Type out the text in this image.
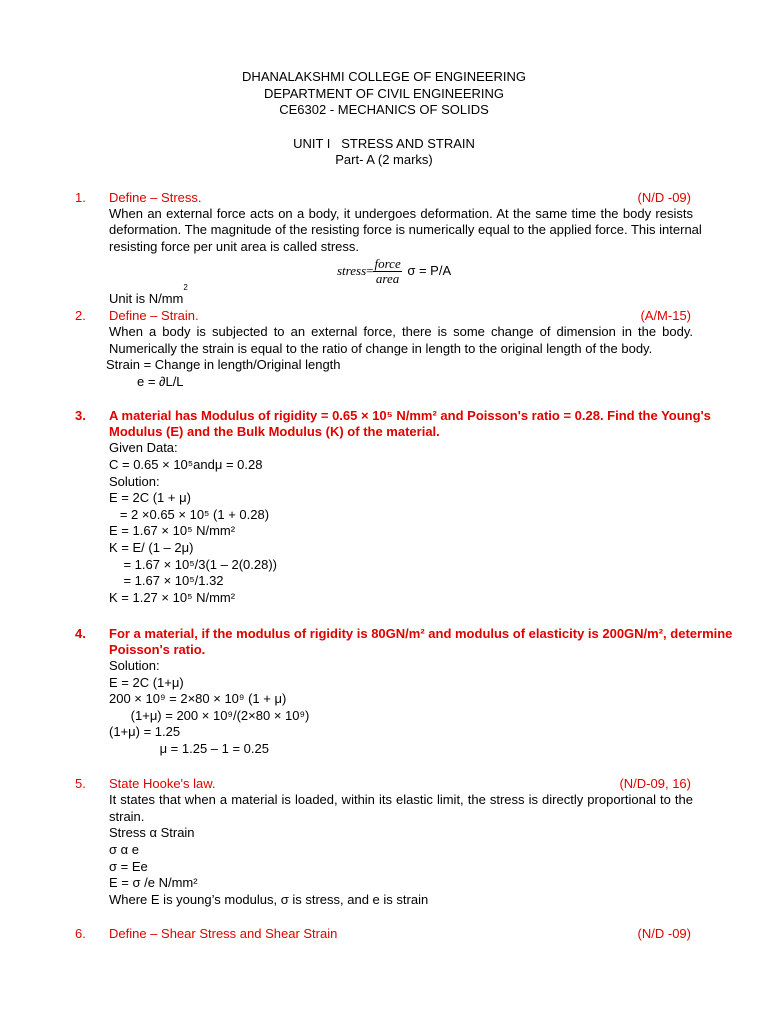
DHANALAKSHMI COLLEGE OF ENGINEERING
DEPARTMENT OF CIVIL ENGINEERING
CE6302 - MECHANICS OF SOLIDS
UNIT I   STRESS AND STRAIN
Part- A (2 marks)
1. Define – Stress.	(N/D -09)
When an external force acts on a body, it undergoes deformation. At the same time the body resists
deformation. The magnitude of the resisting force is numerically equal to the applied force. This internal
resisting force per unit area is called stress.
stress= $\frac{\text{force}}{\text{area}}$ σ = P/A
Unit is $N/mm^2$
2. Define – Strain.	(A/M-15)
When a body is subjected to an external force, there is some change of dimension in the body.
Numerically the strain is equal to the ratio of change in length to the original length of the body.
Strain = Change in length/Original length
e = ∂L/L
3. A material has Modulus of rigidity = 0.65 × 10⁵ N/mm² and Poisson's ratio = 0.28. Find the Young's
Modulus (E) and the Bulk Modulus (K) of the material.
Given Data:
C = 0.65 × 10⁵andμ = 0.28
Solution:
E = 2C (1 + μ)
= 2 ×0.65 × 10⁵ (1 + 0.28)
E = 1.67 × 10⁵ N/mm²
K = E/ (1 – 2μ)
= 1.67 × 10⁵/3(1 – 2(0.28))
= 1.67 × 10⁵/1.32
K = 1.27 × 10⁵ N/mm²
4. For a material, if the modulus of rigidity is 80GN/m² and modulus of elasticity is 200GN/m², determine
Poisson's ratio.
Solution:
E = 2C (1+μ)
200 × 10⁹ = 2×80 × 10⁹ (1 + μ)
(1+μ) = 200 × 10⁹/(2×80 × 10⁹)
(1+μ) = 1.25
μ = 1.25 – 1 = 0.25
5. State Hooke's law.	(N/D-09, 16)
It states that when a material is loaded, within its elastic limit, the stress is directly proportional to the
strain.
Stress α Strain
σ α e
σ = Ee
E = σ /e N/mm²
Where E is young’s modulus, σ is stress, and e is strain
6. Define – Shear Stress and Shear Strain	(N/D -09)
